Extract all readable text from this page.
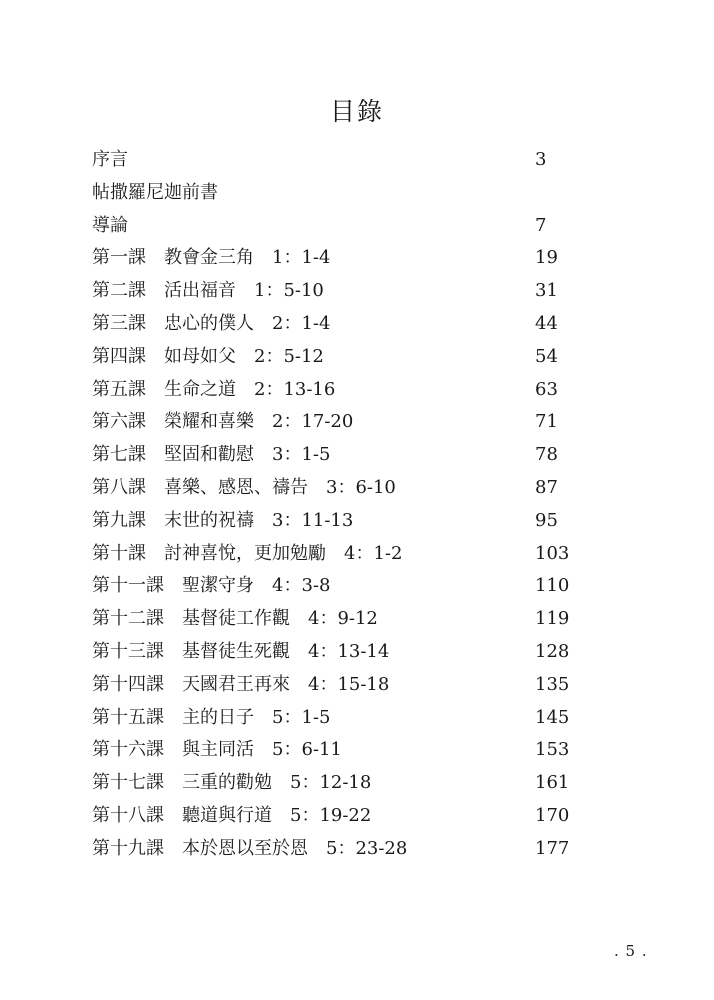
目錄
序言	3
帖撒羅尼迦前書
導論	7
第一課　教會金三角　1：1-4	19
第二課　活出福音　1：5-10	31
第三課　忠心的僕人　2：1-4	44
第四課　如母如父　2：5-12	54
第五課　生命之道　2：13-16	63
第六課　榮耀和喜樂　2：17-20	71
第七課　堅固和勸慰　3：1-5	78
第八課　喜樂、感恩、禱告　3：6-10	87
第九課　末世的祝禱　3：11-13	95
第十課　討神喜悅，更加勉勵　4：1-2	103
第十一課　聖潔守身　4：3-8	110
第十二課　基督徒工作觀　4：9-12	119
第十三課　基督徒生死觀　4：13-14	128
第十四課　天國君王再來　4：15-18	135
第十五課　主的日子　5：1-5	145
第十六課　與主同活　5：6-11	153
第十七課　三重的勸勉　5：12-18	161
第十八課　聽道與行道　5：19-22	170
第十九課　本於恩以至於恩　5：23-28	177
. 5 .
